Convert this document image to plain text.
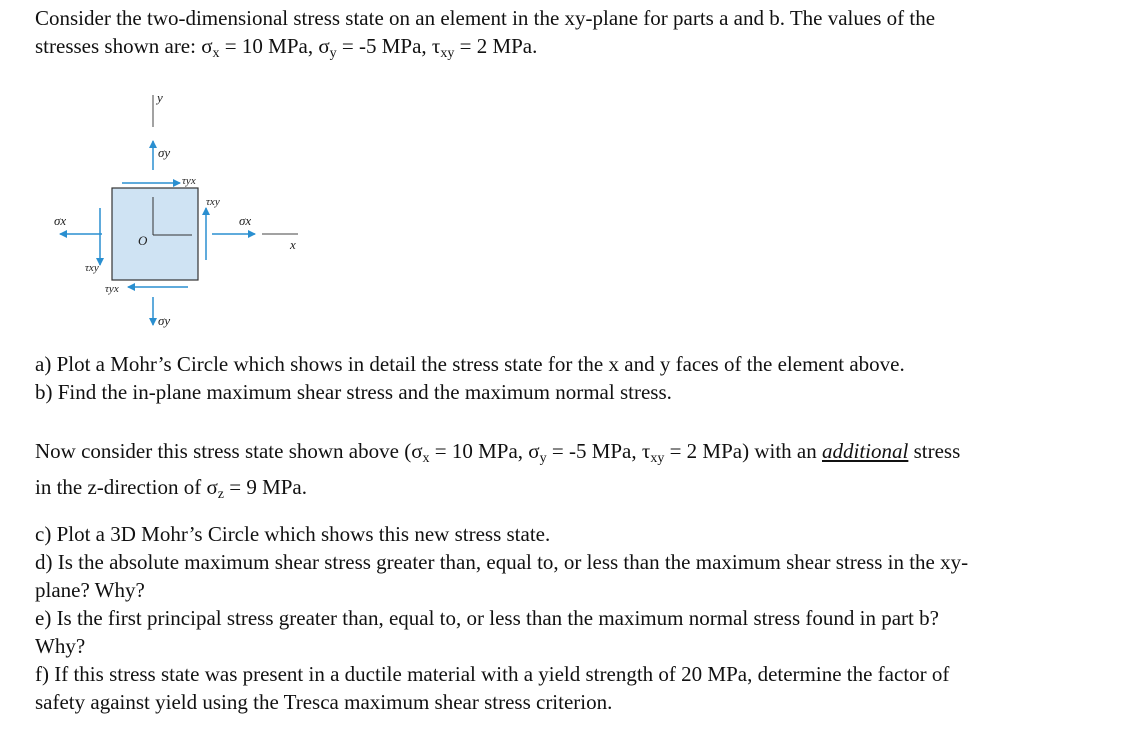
Consider the two-dimensional stress state on an element in the xy-plane for parts a and b. The values of the
stresses shown are: $\sigma_x = 10$ MPa, $\sigma_y = -5$ MPa, $\tau_{xy} = 2$ MPa.

y
O
σy
τyx
τxy
σx
x
σx
τxy
τyx
σy

a) Plot a Mohr’s Circle which shows in detail the stress state for the x and y faces of the element above.
b) Find the in-plane maximum shear stress and the maximum normal stress.

Now consider this stress state shown above ($\sigma_x = 10$ MPa, $\sigma_y = -5$ MPa, $\tau_{xy} = 2$ MPa) with an additional stress
in the z-direction of $\sigma_z = 9$ MPa.

c) Plot a 3D Mohr’s Circle which shows this new stress state.
d) Is the absolute maximum shear stress greater than, equal to, or less than the maximum shear stress in the xy-
plane? Why?
e) Is the first principal stress greater than, equal to, or less than the maximum normal stress found in part b?
Why?
f) If this stress state was present in a ductile material with a yield strength of 20 MPa, determine the factor of
safety against yield using the Tresca maximum shear stress criterion.
